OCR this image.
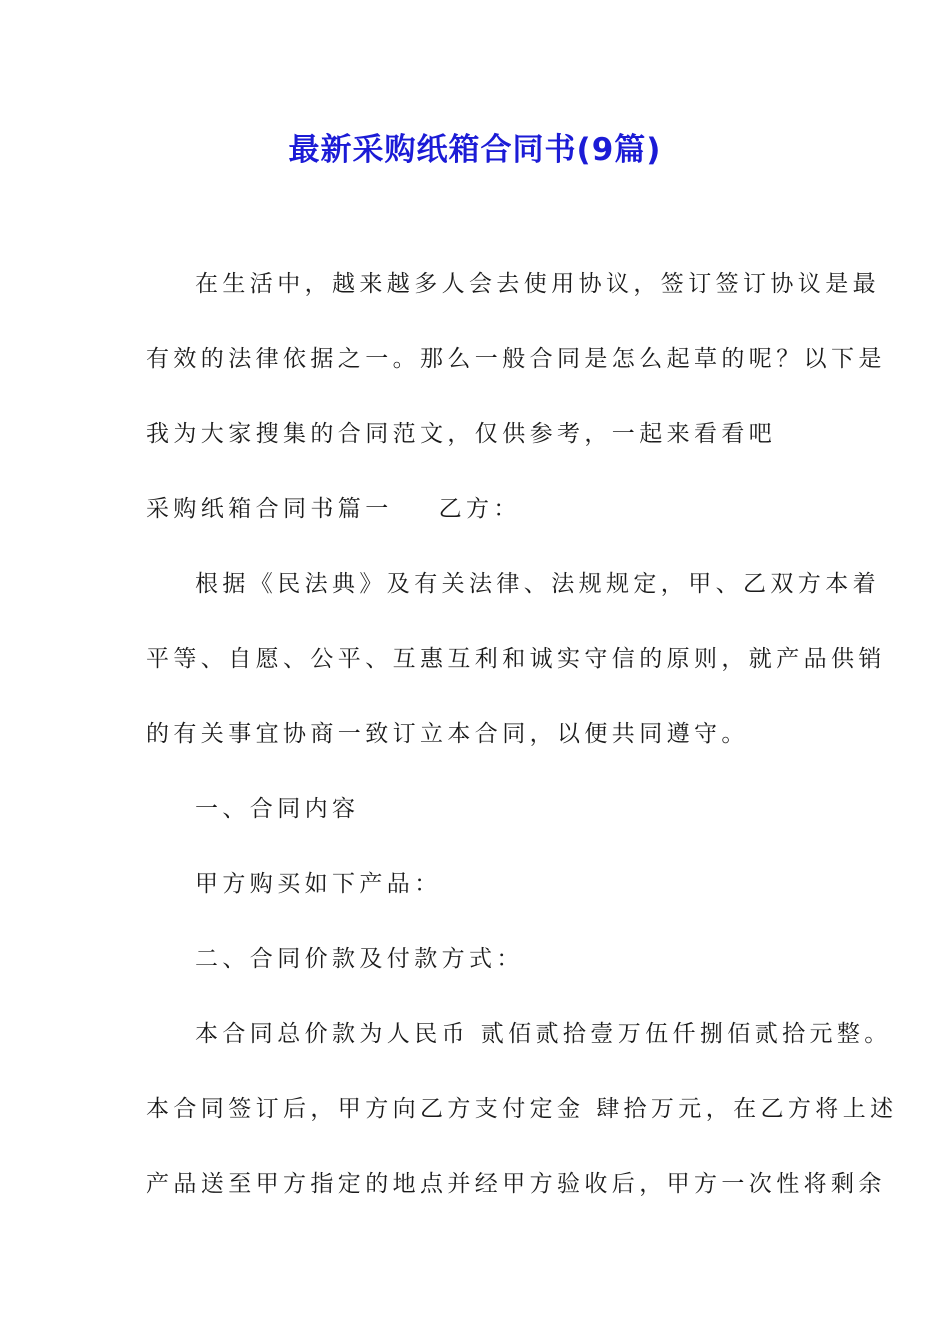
最新采购纸箱合同书(9篇)

在生活中，越来越多人会去使用协议，签订签订协议是最

有效的法律依据之一。那么一般合同是怎么起草的呢？以下是

我为大家搜集的合同范文，仅供参考，一起来看看吧

采购纸箱合同书篇一 乙方：

根据《民法典》及有关法律、法规规定，甲、乙双方本着

平等、自愿、公平、互惠互利和诚实守信的原则，就产品供销

的有关事宜协商一致订立本合同，以便共同遵守。

一、合同内容

甲方购买如下产品：

二、合同价款及付款方式：

本合同总价款为人民币 贰佰贰拾壹万伍仟捌佰贰拾元整。

本合同签订后，甲方向乙方支付定金 肆拾万元，在乙方将上述

产品送至甲方指定的地点并经甲方验收后，甲方一次性将剩余
